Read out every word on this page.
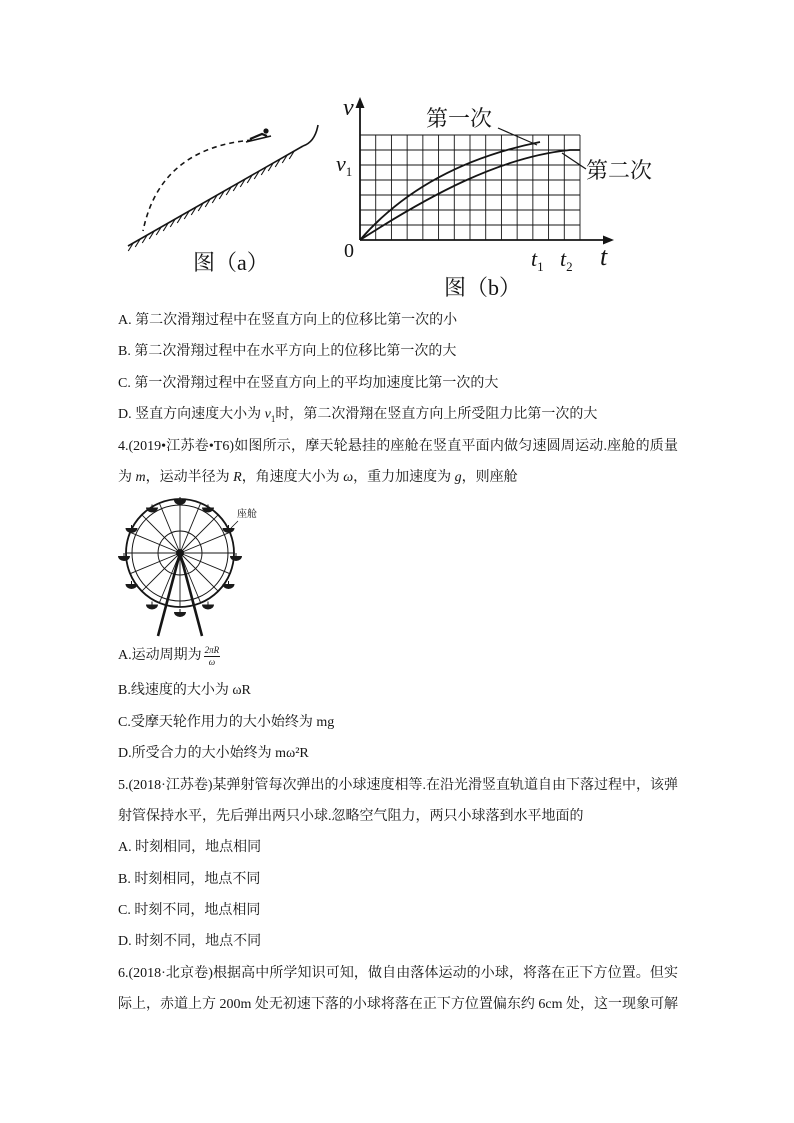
图（a）
v
$v_1$
0	$t_1$ $t_2$ t
第一次
第二次
图（b）
A. 第二次滑翔过程中在竖直方向上的位移比第一次的小
B. 第二次滑翔过程中在水平方向上的位移比第一次的大
C. 第一次滑翔过程中在竖直方向上的平均加速度比第一次的大
D. 竖直方向速度大小为 $v_1$时，第二次滑翔在竖直方向上所受阻力比第一次的大
4.(2019•江苏卷•T6)如图所示，摩天轮悬挂的座舱在竖直平面内做匀速圆周运动.座舱的质量
为 m，运动半径为 R，角速度大小为 ω，重力加速度为 g，则座舱
座舱
A.运动周期为 $\frac{2\pi R}{\omega}$
B.线速度的大小为 ωR
C.受摩天轮作用力的大小始终为 mg
D.所受合力的大小始终为 mω²R
5.(2018·江苏卷)某弹射管每次弹出的小球速度相等.在沿光滑竖直轨道自由下落过程中，该弹
射管保持水平，先后弹出两只小球.忽略空气阻力，两只小球落到水平地面的
A. 时刻相同，地点相同
B. 时刻相同，地点不同
C. 时刻不同，地点相同
D. 时刻不同，地点不同
6.(2018·北京卷)根据高中所学知识可知，做自由落体运动的小球，将落在正下方位置。但实
际上，赤道上方 200m 处无初速下落的小球将落在正下方位置偏东约 6cm 处，这一现象可解
